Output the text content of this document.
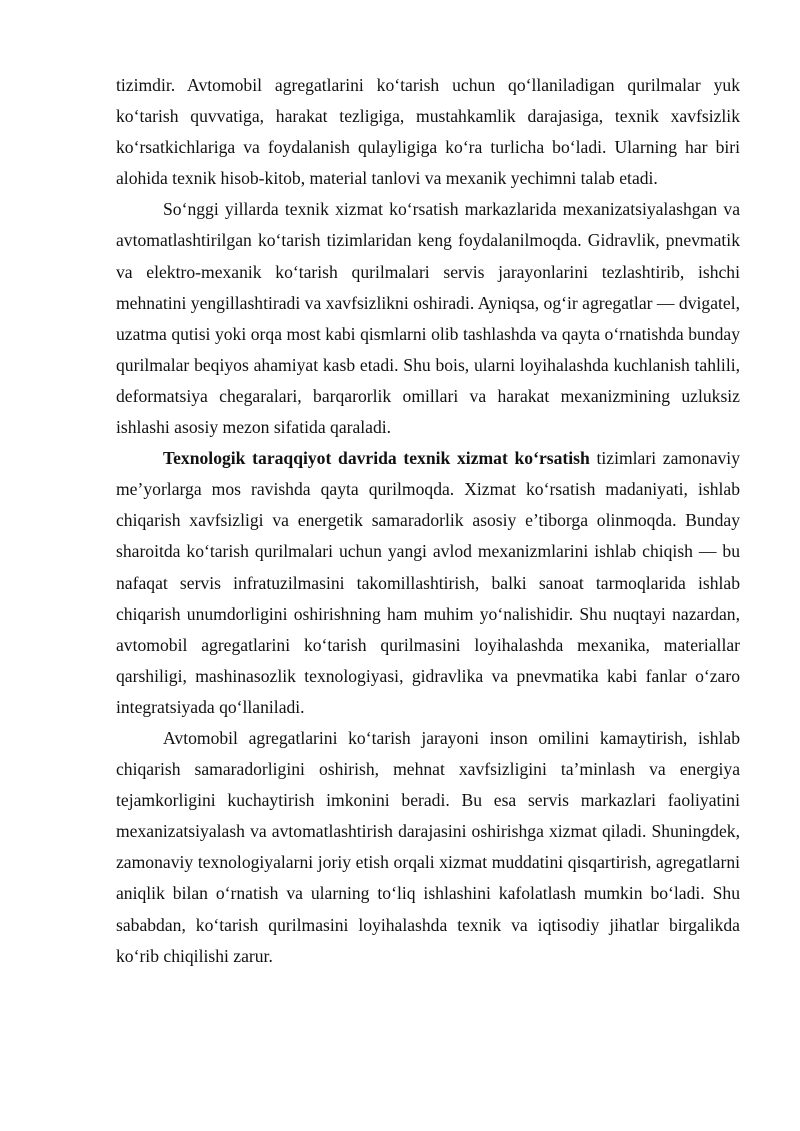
tizimdir. Avtomobil agregatlarini ko‘tarish uchun qo‘llaniladigan qurilmalar yuk ko‘tarish quvvatiga, harakat tezligiga, mustahkamlik darajasiga, texnik xavfsizlik ko‘rsatkichlariga va foydalanish qulayligiga ko‘ra turlicha bo‘ladi. Ularning har biri alohida texnik hisob-kitob, material tanlovi va mexanik yechimni talab etadi.

So‘nggi yillarda texnik xizmat ko‘rsatish markazlarida mexanizatsiyalashgan va avtomatlashtirilgan ko‘tarish tizimlaridan keng foydalanilmoqda. Gidravlik, pnevmatik va elektro-mexanik ko‘tarish qurilmalari servis jarayonlarini tezlashtirib, ishchi mehnatini yengillashtiradi va xavfsizlikni oshiradi. Ayniqsa, og‘ir agregatlar — dvigatel, uzatma qutisi yoki orqa most kabi qismlarni olib tashlashda va qayta o‘rnatishda bunday qurilmalar beqiyos ahamiyat kasb etadi. Shu bois, ularni loyihalashda kuchlanish tahlili, deformatsiya chegaralari, barqarorlik omillari va harakat mexanizmining uzluksiz ishlashi asosiy mezon sifatida qaraladi.

Texnologik taraqqiyot davrida texnik xizmat ko‘rsatish tizimlari zamonaviy me’yorlarga mos ravishda qayta qurilmoqda. Xizmat ko‘rsatish madaniyati, ishlab chiqarish xavfsizligi va energetik samaradorlik asosiy e’tiborga olinmoqda. Bunday sharoitda ko‘tarish qurilmalari uchun yangi avlod mexanizmlarini ishlab chiqish — bu nafaqat servis infratuzilmasini takomillashtirish, balki sanoat tarmoqlarida ishlab chiqarish unumdorligini oshirishning ham muhim yo‘nalishidir. Shu nuqtayi nazardan, avtomobil agregatlarini ko‘tarish qurilmasini loyihalashda mexanika, materiallar qarshiligi, mashinasozlik texnologiyasi, gidravlika va pnevmatika kabi fanlar o‘zaro integratsiyada qo‘llaniladi.

Avtomobil agregatlarini ko‘tarish jarayoni inson omilini kamaytirish, ishlab chiqarish samaradorligini oshirish, mehnat xavfsizligini ta’minlash va energiya tejamkorligini kuchaytirish imkonini beradi. Bu esa servis markazlari faoliyatini mexanizatsiyalash va avtomatlashtirish darajasini oshirishga xizmat qiladi. Shuningdek, zamonaviy texnologiyalarni joriy etish orqali xizmat muddatini qisqartirish, agregatlarni aniqlik bilan o‘rnatish va ularning to‘liq ishlashini kafolatlash mumkin bo‘ladi. Shu sababdan, ko‘tarish qurilmasini loyihalashda texnik va iqtisodiy jihatlar birgalikda ko‘rib chiqilishi zarur.
